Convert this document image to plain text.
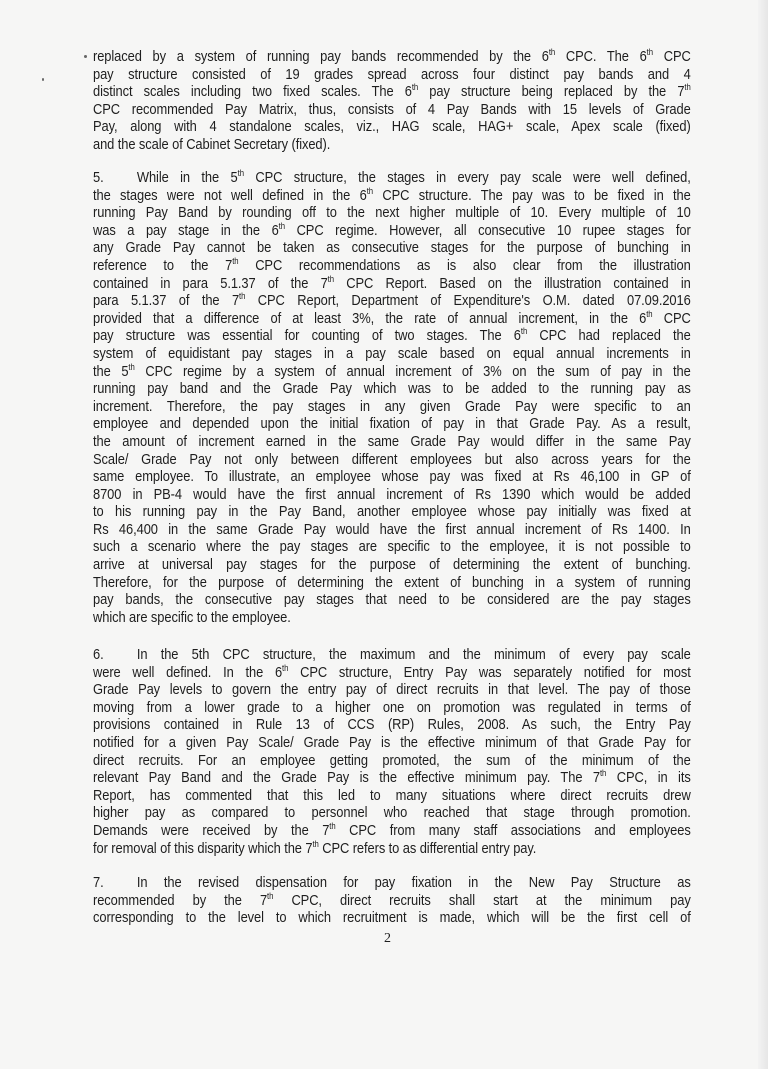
replaced by a system of running pay bands recommended by the 6th CPC. The 6th CPC
pay structure consisted of 19 grades spread across four distinct pay bands and 4
distinct scales including two fixed scales. The 6th pay structure being replaced by the 7th
CPC recommended Pay Matrix, thus, consists of 4 Pay Bands with 15 levels of Grade
Pay, along with 4 standalone scales, viz., HAG scale, HAG+ scale, Apex scale (fixed)
and the scale of Cabinet Secretary (fixed).
5. While in the 5th CPC structure, the stages in every pay scale were well defined,
the stages were not well defined in the 6th CPC structure. The pay was to be fixed in the
running Pay Band by rounding off to the next higher multiple of 10. Every multiple of 10
was a pay stage in the 6th CPC regime. However, all consecutive 10 rupee stages for
any Grade Pay cannot be taken as consecutive stages for the purpose of bunching in
reference to the 7th CPC recommendations as is also clear from the illustration
contained in para 5.1.37 of the 7th CPC Report. Based on the illustration contained in
para 5.1.37 of the 7th CPC Report, Department of Expenditure's O.M. dated 07.09.2016
provided that a difference of at least 3%, the rate of annual increment, in the 6th CPC
pay structure was essential for counting of two stages. The 6th CPC had replaced the
system of equidistant pay stages in a pay scale based on equal annual increments in
the 5th CPC regime by a system of annual increment of 3% on the sum of pay in the
running pay band and the Grade Pay which was to be added to the running pay as
increment. Therefore, the pay stages in any given Grade Pay were specific to an
employee and depended upon the initial fixation of pay in that Grade Pay. As a result,
the amount of increment earned in the same Grade Pay would differ in the same Pay
Scale/ Grade Pay not only between different employees but also across years for the
same employee. To illustrate, an employee whose pay was fixed at Rs 46,100 in GP of
8700 in PB-4 would have the first annual increment of Rs 1390 which would be added
to his running pay in the Pay Band, another employee whose pay initially was fixed at
Rs 46,400 in the same Grade Pay would have the first annual increment of Rs 1400. In
such a scenario where the pay stages are specific to the employee, it is not possible to
arrive at universal pay stages for the purpose of determining the extent of bunching.
Therefore, for the purpose of determining the extent of bunching in a system of running
pay bands, the consecutive pay stages that need to be considered are the pay stages
which are specific to the employee.
6. In the 5th CPC structure, the maximum and the minimum of every pay scale
were well defined. In the 6th CPC structure, Entry Pay was separately notified for most
Grade Pay levels to govern the entry pay of direct recruits in that level. The pay of those
moving from a lower grade to a higher one on promotion was regulated in terms of
provisions contained in Rule 13 of CCS (RP) Rules, 2008. As such, the Entry Pay
notified for a given Pay Scale/ Grade Pay is the effective minimum of that Grade Pay for
direct recruits. For an employee getting promoted, the sum of the minimum of the
relevant Pay Band and the Grade Pay is the effective minimum pay. The 7th CPC, in its
Report, has commented that this led to many situations where direct recruits drew
higher pay as compared to personnel who reached that stage through promotion.
Demands were received by the 7th CPC from many staff associations and employees
for removal of this disparity which the 7th CPC refers to as differential entry pay.
7. In the revised dispensation for pay fixation in the New Pay Structure as
recommended by the 7th CPC, direct recruits shall start at the minimum pay
corresponding to the level to which recruitment is made, which will be the first cell of
2
